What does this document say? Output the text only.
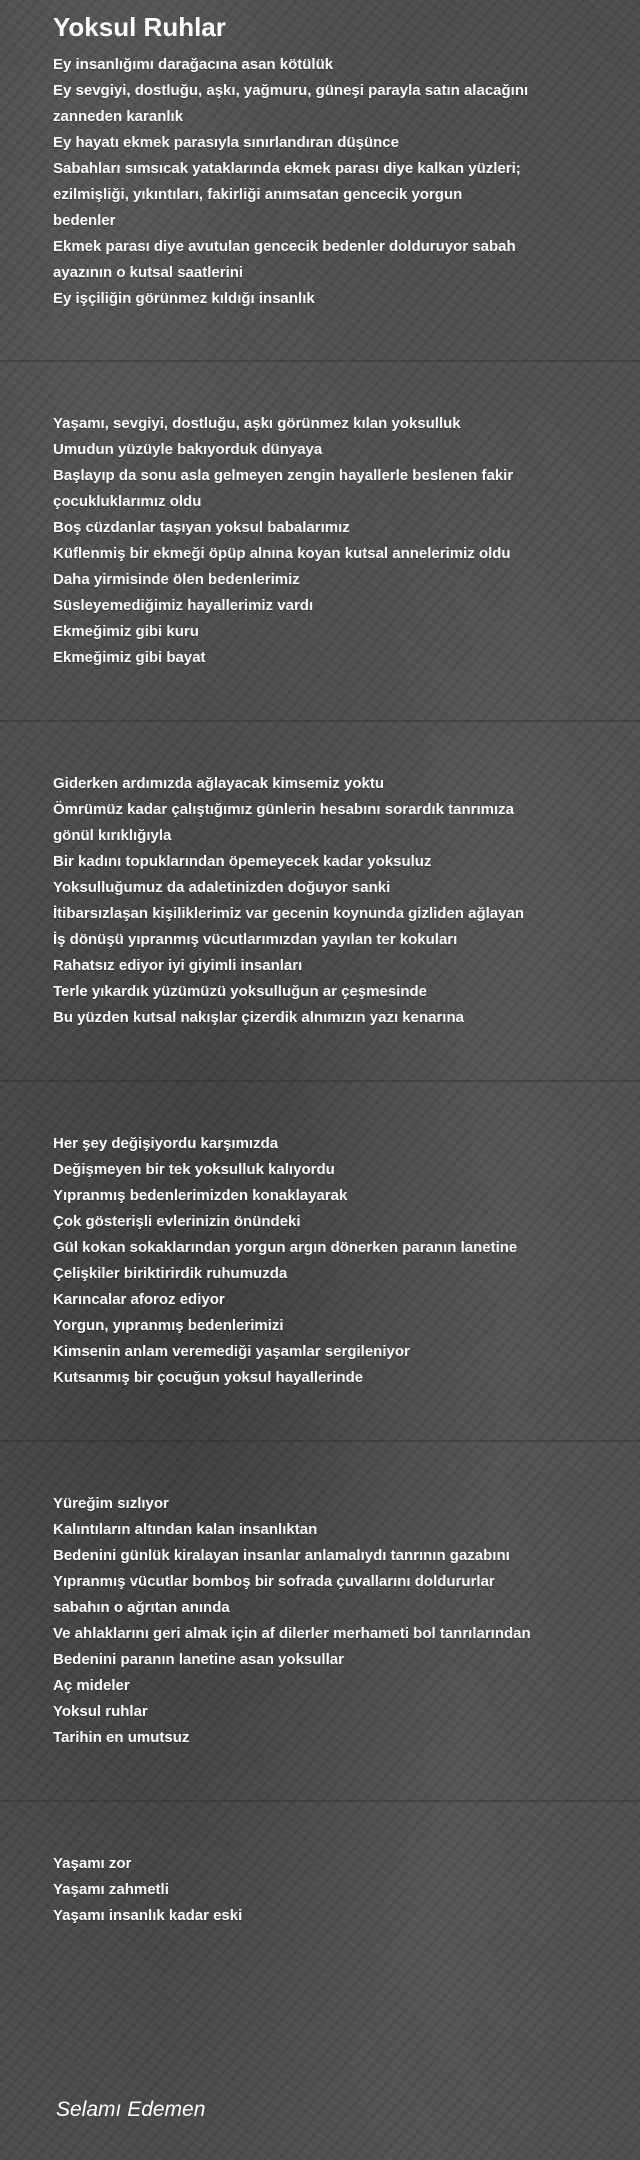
Yoksul Ruhlar
Ey insanlığımı darağacına asan kötülük
Ey sevgiyi, dostluğu, aşkı, yağmuru, güneşi parayla satın alacağını
zanneden karanlık
Ey hayatı ekmek parasıyla sınırlandıran düşünce
Sabahları sımsıcak yataklarında ekmek parası diye kalkan yüzleri;
ezilmişliği, yıkıntıları, fakirliği anımsatan gencecik yorgun
bedenler
Ekmek parası diye avutulan gencecik bedenler dolduruyor sabah
ayazının o kutsal saatlerini
Ey işçiliğin görünmez kıldığı insanlık
Yaşamı, sevgiyi, dostluğu, aşkı görünmez kılan yoksulluk
Umudun yüzüyle bakıyorduk dünyaya
Başlayıp da sonu asla gelmeyen zengin hayallerle beslenen fakir
çocukluklarımız oldu
Boş cüzdanlar taşıyan yoksul babalarımız
Küflenmiş bir ekmeği öpüp alnına koyan kutsal annelerimiz oldu
Daha yirmisinde ölen bedenlerimiz
Süsleyemediğimiz hayallerimiz vardı
Ekmeğimiz gibi kuru
Ekmeğimiz gibi bayat
Giderken ardımızda ağlayacak kimsemiz yoktu
Ömrümüz kadar çalıştığımız günlerin hesabını sorardık tanrımıza
gönül kırıklığıyla
Bir kadını topuklarından öpemeyecek kadar yoksuluz
Yoksulluğumuz da adaletinizden doğuyor sanki
İtibarsızlaşan kişiliklerimiz var gecenin koynunda gizliden ağlayan
İş dönüşü yıpranmış vücutlarımızdan yayılan ter kokuları
Rahatsız ediyor iyi giyimli insanları
Terle yıkardık yüzümüzü yoksulluğun ar çeşmesinde
Bu yüzden kutsal nakışlar çizerdik alnımızın yazı kenarına
Her şey değişiyordu karşımızda
Değişmeyen bir tek yoksulluk kalıyordu
Yıpranmış bedenlerimizden konaklayarak
Çok gösterişli evlerinizin önündeki
Gül kokan sokaklarından yorgun argın dönerken paranın lanetine
Çelişkiler biriktirirdik ruhumuzda
Karıncalar aforoz ediyor
Yorgun, yıpranmış bedenlerimizi
Kimsenin anlam veremediği yaşamlar sergileniyor
Kutsanmış bir çocuğun yoksul hayallerinde
Yüreğim sızlıyor
Kalıntıların altından kalan insanlıktan
Bedenini günlük kiralayan insanlar anlamalıydı tanrının gazabını
Yıpranmış vücutlar bomboş bir sofrada çuvallarını doldururlar
sabahın o ağrıtan anında
Ve ahlaklarını geri almak için af dilerler merhameti bol tanrılarından
Bedenini paranın lanetine asan yoksullar
Aç mideler
Yoksul ruhlar
Tarihin en umutsuz
Yaşamı zor
Yaşamı zahmetli
Yaşamı insanlık kadar eski
Selamı Edemen
